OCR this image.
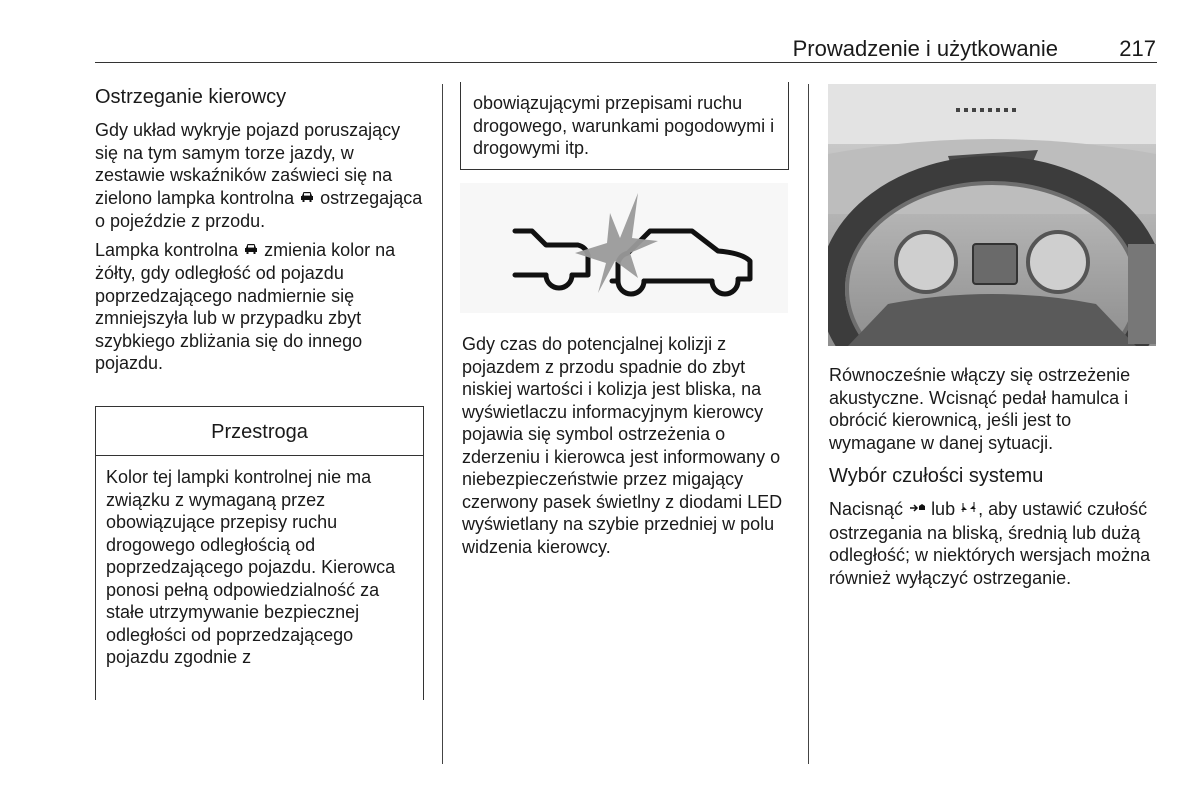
Prowadzenie i użytkowanie	217
Ostrzeganie kierowcy

Gdy układ wykryje pojazd poruszający się na tym samym torze jazdy, w zestawie wskaźników zaświeci się na zielono lampka kontrolna ostrzegająca o pojeździe z przodu.

Lampka kontrolna zmienia kolor na żółty, gdy odległość od pojazdu poprzedzającego nadmiernie się zmniejszyła lub w przypadku zbyt szybkiego zbliżania się do innego pojazdu.

Przestroga
Kolor tej lampki kontrolnej nie ma związku z wymaganą przez obowiązujące przepisy ruchu drogowego odległością od poprzedzającego pojazdu. Kierowca ponosi pełną odpowiedzialność za stałe utrzymywanie bezpiecznej odległości od poprzedzającego pojazdu zgodnie z
obowiązującymi przepisami ruchu drogowego, warunkami pogodowymi i drogowymi itp.

Gdy czas do potencjalnej kolizji z pojazdem z przodu spadnie do zbyt niskiej wartości i kolizja jest bliska, na wyświetlaczu informacyjnym kierowcy pojawia się symbol ostrzeżenia o zderzeniu i kierowca jest informowany o niebezpieczeństwie przez migający czerwony pasek świetlny z diodami LED wyświetlany na szybie przedniej w polu widzenia kierowcy.

Równocześnie włączy się ostrzeżenie akustyczne. Wcisnąć pedał hamulca i obrócić kierownicą, jeśli jest to wymagane w danej sytuacji.

Wybór czułości systemu

Nacisnąć lub , aby ustawić czułość ostrzegania na bliską, średnią lub dużą odległość; w niektórych wersjach można również wyłączyć ostrzeganie.
